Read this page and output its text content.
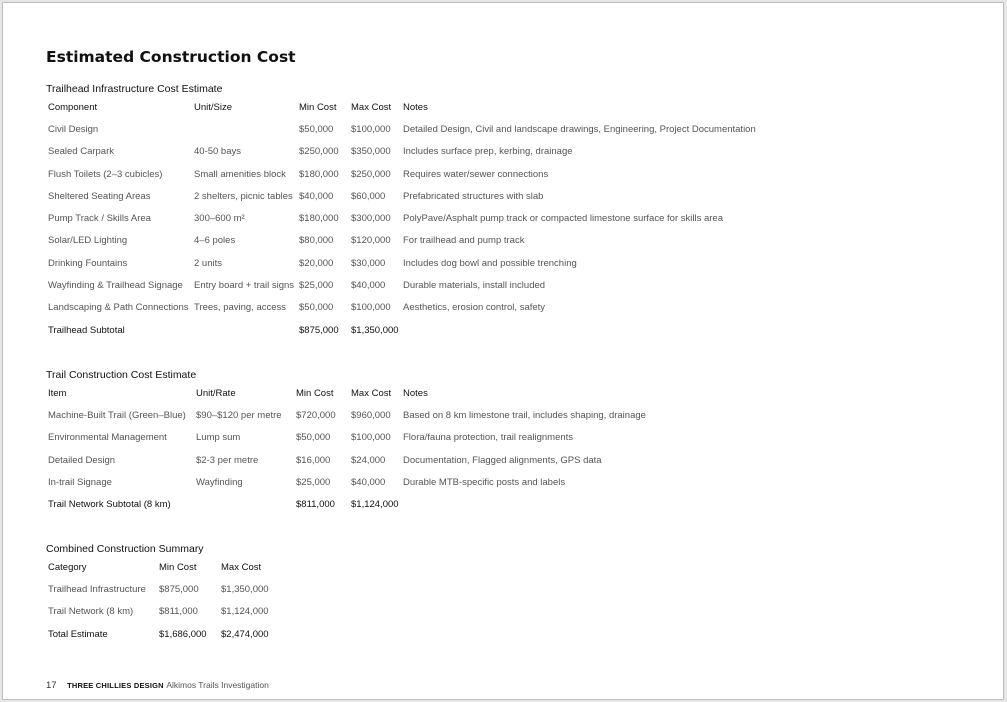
Estimated Construction Cost
Trailhead Infrastructure Cost Estimate
Component	Unit/Size	Min Cost	Max Cost	Notes
Civil Design		$50,000	$100,000	Detailed Design, Civil and landscape drawings, Engineering, Project Documentation
Sealed Carpark	40-50 bays	$250,000	$350,000	Includes surface prep, kerbing, drainage
Flush Toilets (2–3 cubicles)	Small amenities block	$180,000	$250,000	Requires water/sewer connections
Sheltered Seating Areas	2 shelters, picnic tables	$40,000	$60,000	Prefabricated structures with slab
Pump Track / Skills Area	300–600 m²	$180,000	$300,000	PolyPave/Asphalt pump track or compacted limestone surface for skills area
Solar/LED Lighting	4–6 poles	$80,000	$120,000	For trailhead and pump track
Drinking Fountains	2 units	$20,000	$30,000	Includes dog bowl and possible trenching
Wayfinding & Trailhead Signage	Entry board + trail signs	$25,000	$40,000	Durable materials, install included
Landscaping & Path Connections	Trees, paving, access	$50,000	$100,000	Aesthetics, erosion control, safety
Trailhead Subtotal		$875,000	$1,350,000	
Trail Construction Cost Estimate
Item	Unit/Rate	Min Cost	Max Cost	Notes
Machine-Built Trail (Green–Blue)	$90–$120 per metre	$720,000	$960,000	Based on 8 km limestone trail, includes shaping, drainage
Environmental Management	Lump sum	$50,000	$100,000	Flora/fauna protection, trail realignments
Detailed Design	$2-3 per metre	$16,000	$24,000	Documentation, Flagged alignments, GPS data
In-trail Signage	Wayfinding	$25,000	$40,000	Durable MTB-specific posts and labels
Trail Network Subtotal (8 km)		$811,000	$1,124,000	
Combined Construction Summary
Category	Min Cost	Max Cost
Trailhead Infrastructure	$875,000	$1,350,000
Trail Network (8 km)	$811,000	$1,124,000
Total Estimate	$1,686,000	$2,474,000
17 THREE CHILLIES DESIGN Alkimos Trails Investigation
